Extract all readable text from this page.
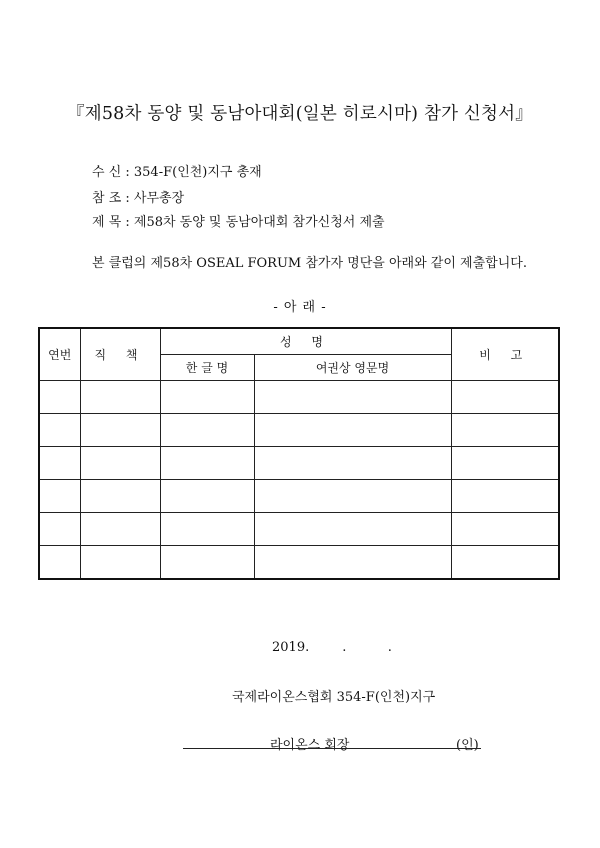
『제58차 동양 및 동남아대회(일본 히로시마) 참가 신청서』
수 신 : 354-F(인천)지구 총재
참 조 : 사무총장
제 목 : 제58차 동양 및 동남아대회 참가신청서 제출
본 클럽의 제58차 OSEAL FORUM 참가자 명단을 아래와 같이 제출합니다.
- 아 래 -
연번	직 책	성 명		비 고
		한 글 명	여권상 영문명	

2019.        .          .
국제라이온스협회 354-F(인천)지구
라이온스 회장	(인)
